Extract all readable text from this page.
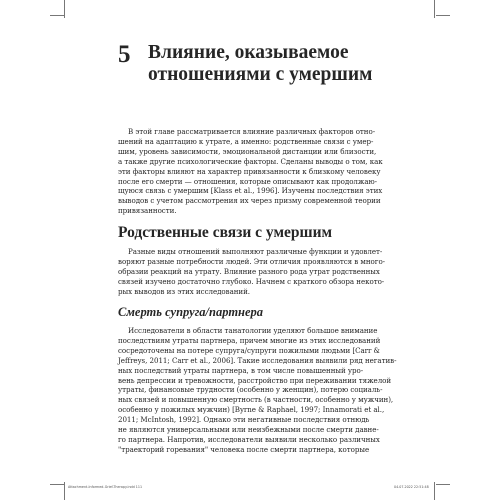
5 Влияние, оказываемое
отношениями с умершим
В этой главе рассматривается влияние различных факторов отно-
шений на адаптацию к утрате, а именно: родственные связи с умер-
шим, уровень зависимости, эмоциональной дистанции или близости,
а также другие психологические факторы. Сделаны выводы о том, как
эти факторы влияют на характер привязанности к близкому человеку
после его смерти — отношения, которые описывают как продолжаю-
щуюся связь с умершим [Klass et al., 1996]. Изучены последствия этих
выводов с учетом рассмотрения их через призму современной теории
привязанности.
Родственные связи с умершим
Разные виды отношений выполняют различные функции и удовлет-
воряют разные потребности людей. Эти отличия проявляются в много-
образии реакций на утрату. Влияние разного рода утрат родственных
связей изучено достаточно глубоко. Начнем с краткого обзора некото-
рых выводов из этих исследований.
Смерть супруга/партнера
Исследователи в области танатологии уделяют большое внимание
последствиям утраты партнера, причем многие из этих исследований
сосредоточены на потере супруга/супруги пожилыми людьми [Carr &
Jeffreys, 2011; Carr et al., 2006]. Такие исследования выявили ряд негатив-
ных последствий утраты партнера, в том числе повышенный уро-
вень депрессии и тревожности, расстройство при переживании тяжелой
утраты, финансовые трудности (особенно у женщин), потерю социаль-
ных связей и повышенную смертность (в частности, особенно у мужчин),
особенно у пожилых мужчин) [Byrne & Raphael, 1997; Innamorati et al.,
2011; McIntosh, 1992]. Однако эти негативные последствия отнюдь
не являются универсальными или неизбежными после смерти давне-
го партнера. Напротив, исследователи выявили несколько различных
"траекторий горевания" человека после смерти партнера, которые
Attachment-Informed-Grief-Therapy.indd 111	04.07.2022 22:51:48
